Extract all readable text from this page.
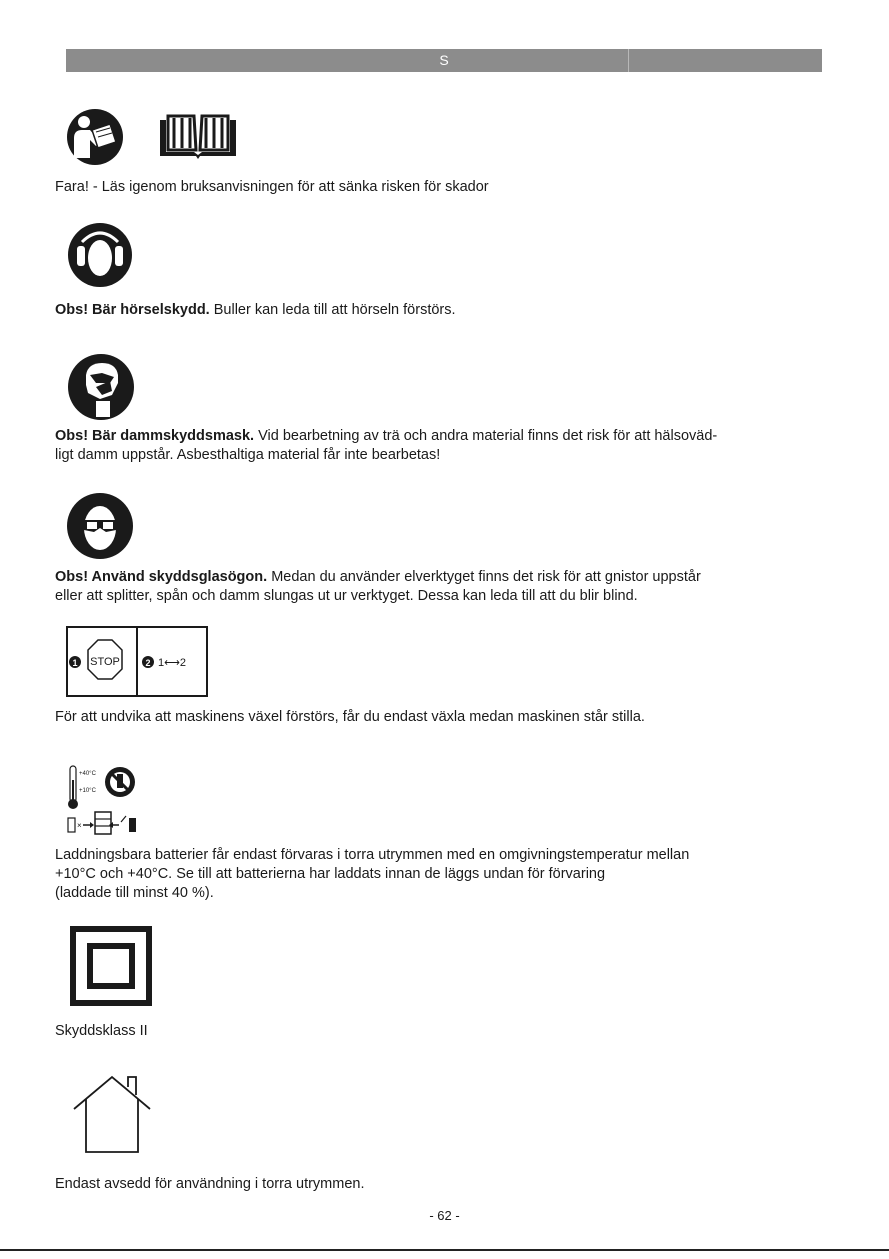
S
Fara! - Läs igenom bruksanvisningen för att sänka risken för skador
Obs! Bär hörselskydd. Buller kan leda till att hörseln förstörs.
Obs! Bär dammskyddsmask. Vid bearbetning av trä och andra material finns det risk för att hälsoväd-
ligt damm uppstår. Asbesthaltiga material får inte bearbetas!
Obs! Använd skyddsglasögon. Medan du använder elverktyget finns det risk för att gnistor uppstår
eller att splitter, spån och damm slungas ut ur verktyget. Dessa kan leda till att du blir blind.
1 STOP	2 1⟷2
För att undvika att maskinens växel förstörs, får du endast växla medan maskinen står stilla.
+40°C
+10°C
×
Laddningsbara batterier får endast förvaras i torra utrymmen med en omgivningstemperatur mellan
+10°C och +40°C. Se till att batterierna har laddats innan de läggs undan för förvaring
(laddade till minst 40 %).
Skyddsklass II
Endast avsedd för användning i torra utrymmen.
- 62 -
